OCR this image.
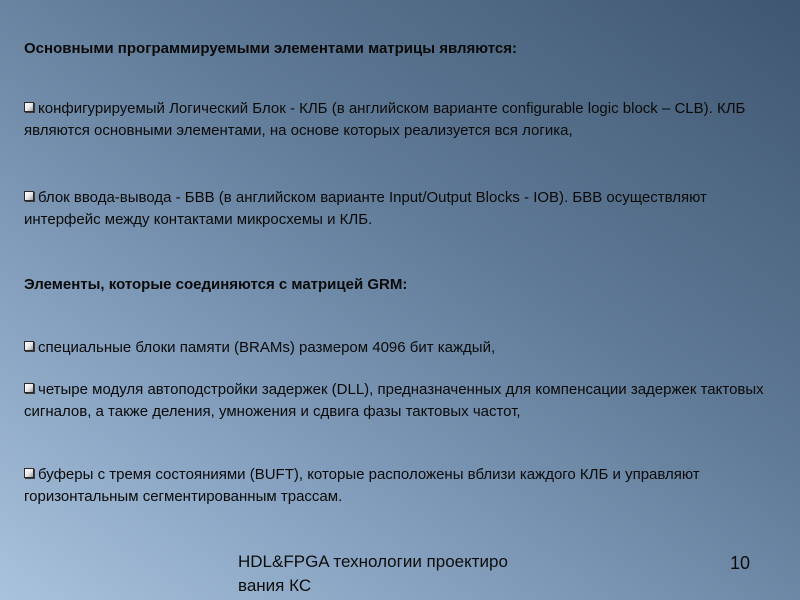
Основными программируемыми элементами матрицы являются:

конфигурируемый Логический Блок - КЛБ (в английском варианте configurable logic block – CLB). КЛБ являются основными элементами, на основе которых реализуется вся логика,

блок ввода-вывода - БВВ (в английском варианте Input/Output Blocks - IOB). БВВ осуществляют интерфейс между контактами микросхемы и КЛБ.

Элементы, которые соединяются с матрицей GRM:

специальные блоки памяти (BRAMs) размером 4096 бит каждый,

четыре модуля автоподстройки задержек (DLL), предназначенных для компенсации задержек тактовых сигналов, а также деления, умножения и сдвига фазы тактовых частот,

буферы с тремя состояниями (BUFT), которые расположены вблизи каждого КЛБ и управляют горизонтальным сегментированным трассам.

HDL&FPGA технологии проектиро
вания КС
10
